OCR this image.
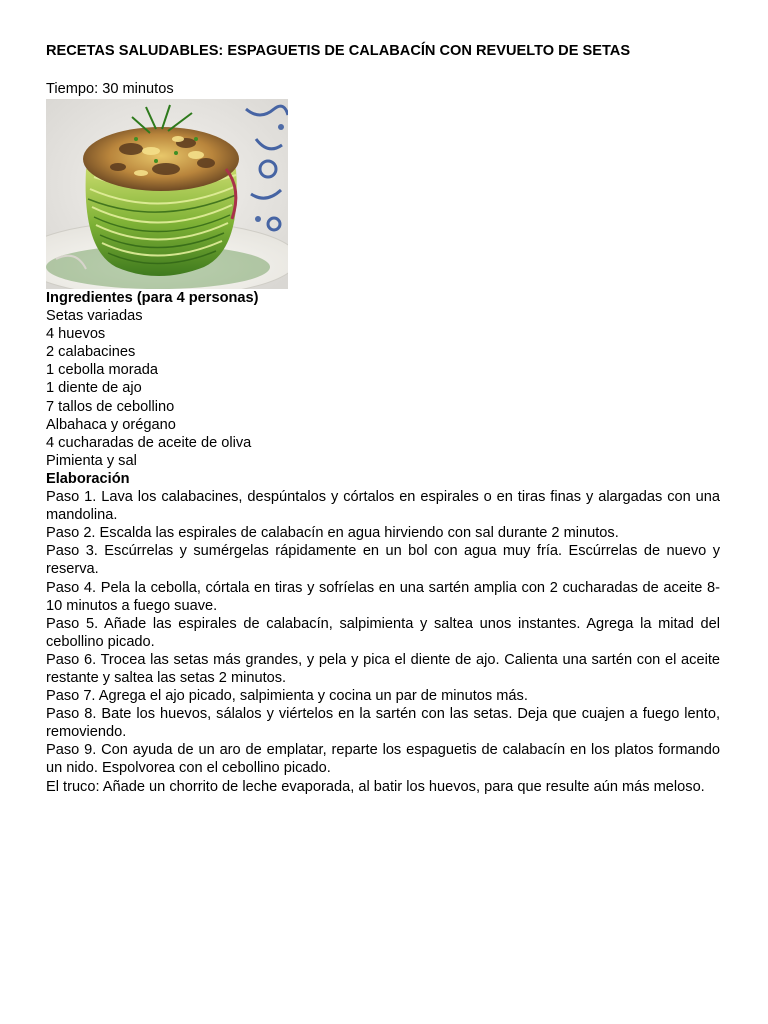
RECETAS SALUDABLES: ESPAGUETIS DE CALABACÍN CON REVUELTO DE SETAS
Tiempo: 30 minutos
Ingredientes (para 4 personas)
Setas variadas
4 huevos
2 calabacines
1 cebolla morada
1 diente de ajo
7 tallos de cebollino
Albahaca y orégano
4 cucharadas de aceite de oliva
Pimienta y sal
Elaboración

Paso 1. Lava los calabacines, despúntalos y córtalos en espirales o en tiras finas y alargadas con una mandolina.

Paso 2. Escalda las espirales de calabacín en agua hirviendo con sal durante 2 minutos.

Paso 3. Escúrrelas y sumérgelas rápidamente en un bol con agua muy fría. Escúrrelas de nuevo y reserva.

Paso 4. Pela la cebolla, córtala en tiras y sofríelas en una sartén amplia con 2 cucharadas de aceite 8-10 minutos a fuego suave.

Paso 5. Añade las espirales de calabacín, salpimienta y saltea unos instantes. Agrega la mitad del cebollino picado.

Paso 6. Trocea las setas más grandes, y pela y pica el diente de ajo. Calienta una sartén con el aceite restante y saltea las setas 2 minutos.

Paso 7. Agrega el ajo picado, salpimienta y cocina un par de minutos más.

Paso 8. Bate los huevos, sálalos y viértelos en la sartén con las setas. Deja que cuajen a fuego lento, removiendo.

Paso 9. Con ayuda de un aro de emplatar, reparte los espaguetis de calabacín en los platos formando un nido. Espolvorea con el cebollino picado.

El truco: Añade un chorrito de leche evaporada, al batir los huevos, para que resulte aún más meloso.
